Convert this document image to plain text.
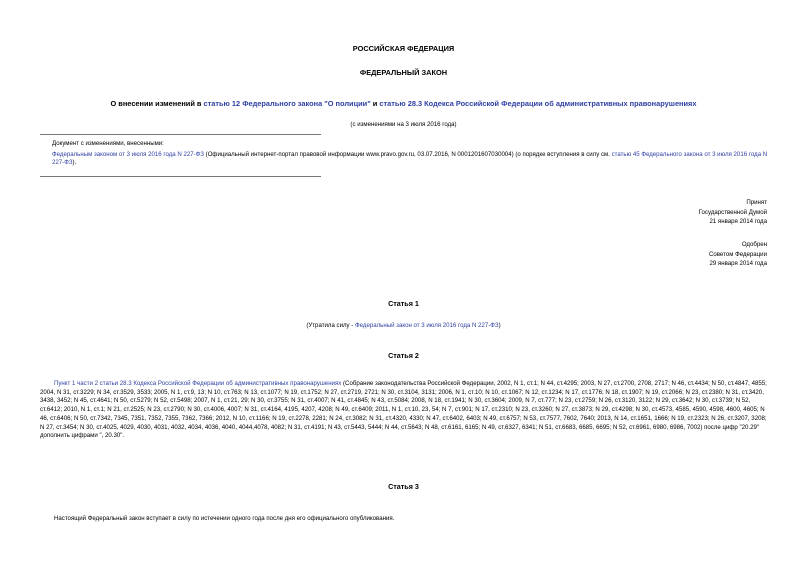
РОССИЙСКАЯ ФЕДЕРАЦИЯ
ФЕДЕРАЛЬНЫЙ ЗАКОН
О внесении изменений в статью 12 Федерального закона "О полиции" и статью 28.3 Кодекса Российской Федерации об административных правонарушениях
(с изменениями на 3 июля 2016 года)
Документ с изменениями, внесенными:
Федеральным законом от 3 июля 2016 года N 227-ФЗ (Официальный интернет-портал правовой информации www.pravo.gov.ru, 03.07.2016, N 0001201607030004) (о порядке вступления в силу см. статью 45 Федерального закона от 3 июля 2016 года N 227-ФЗ).
Принят
Государственной Думой
21 января 2014 года
Одобрен
Советом Федерации
29 января 2014 года
Статья 1
(Утратила силу - Федеральный закон от 3 июля 2016 года N 227-ФЗ)
Статья 2
Пункт 1 части 2 статьи 28.3 Кодекса Российской Федерации об административных правонарушениях (Собрание законодательства Российской Федерации, 2002, N 1, ст.1; N 44, ст.4295; 2003, N 27, ст.2700, 2708, 2717; N 46, ст.4434; N 50, ст.4847, 4855; 2004, N 31, ст.3229; N 34, ст.3529, 3533; 2005, N 1, ст.9, 13; N 10, ст.763; N 13, ст.1077; N 19, ст.1752; N 27, ст.2719, 2721; N 30, ст.3104, 3131; 2006, N 1, ст.10; N 10, ст.1067; N 12, ст.1234; N 17, ст.1776; N 18, ст.1907; N 19, ст.2066; N 23, ст.2380; N 31, ст.3420, 3438, 3452; N 45, ст.4641; N 50, ст.5279; N 52, ст.5498; 2007, N 1, ст.21, 29; N 30, ст.3755; N 31, ст.4007; N 41, ст.4845; N 43, ст.5084; 2008, N 18, ст.1941; N 30, ст.3604; 2009, N 7, ст.777; N 23, ст.2759; N 26, ст.3120, 3122; N 29, ст.3642; N 30, ст.3739; N 52, ст.6412; 2010, N 1, ст.1; N 21, ст.2525; N 23, ст.2790; N 30, ст.4006, 4007; N 31, ст.4164, 4195, 4207, 4208; N 49, ст.6409; 2011, N 1, ст.10, 23, 54; N 7, ст.901; N 17, ст.2310; N 23, ст.3260; N 27, ст.3873; N 29, ст.4298; N 30, ст.4573, 4585, 4590, 4598, 4600, 4605; N 46, ст.6406; N 50, ст.7342, 7345, 7351, 7352, 7355, 7362, 7366; 2012, N 10, ст.1166; N 19, ст.2278, 2281; N 24, ст.3082; N 31, ст.4320, 4330; N 47, ст.6402, 6403; N 49, ст.6757; N 53, ст.7577, 7602, 7640; 2013, N 14, ст.1651, 1666; N 19, ст.2323; N 26, ст.3207, 3208; N 27, ст.3454; N 30, ст.4025, 4029, 4030, 4031, 4032, 4034, 4036, 4040, 4044,4078, 4082; N 31, ст.4191; N 43, ст.5443, 5444; N 44, ст.5643; N 48, ст.6161, 6165; N 49, ст.6327, 6341; N 51, ст.6683, 6685, 6695; N 52, ст.6961, 6980, 6986, 7002) после цифр "20.29" дополнить цифрами ", 20.30".
Статья 3
Настоящий Федеральный закон вступает в силу по истечении одного года после дня его официального опубликования.
